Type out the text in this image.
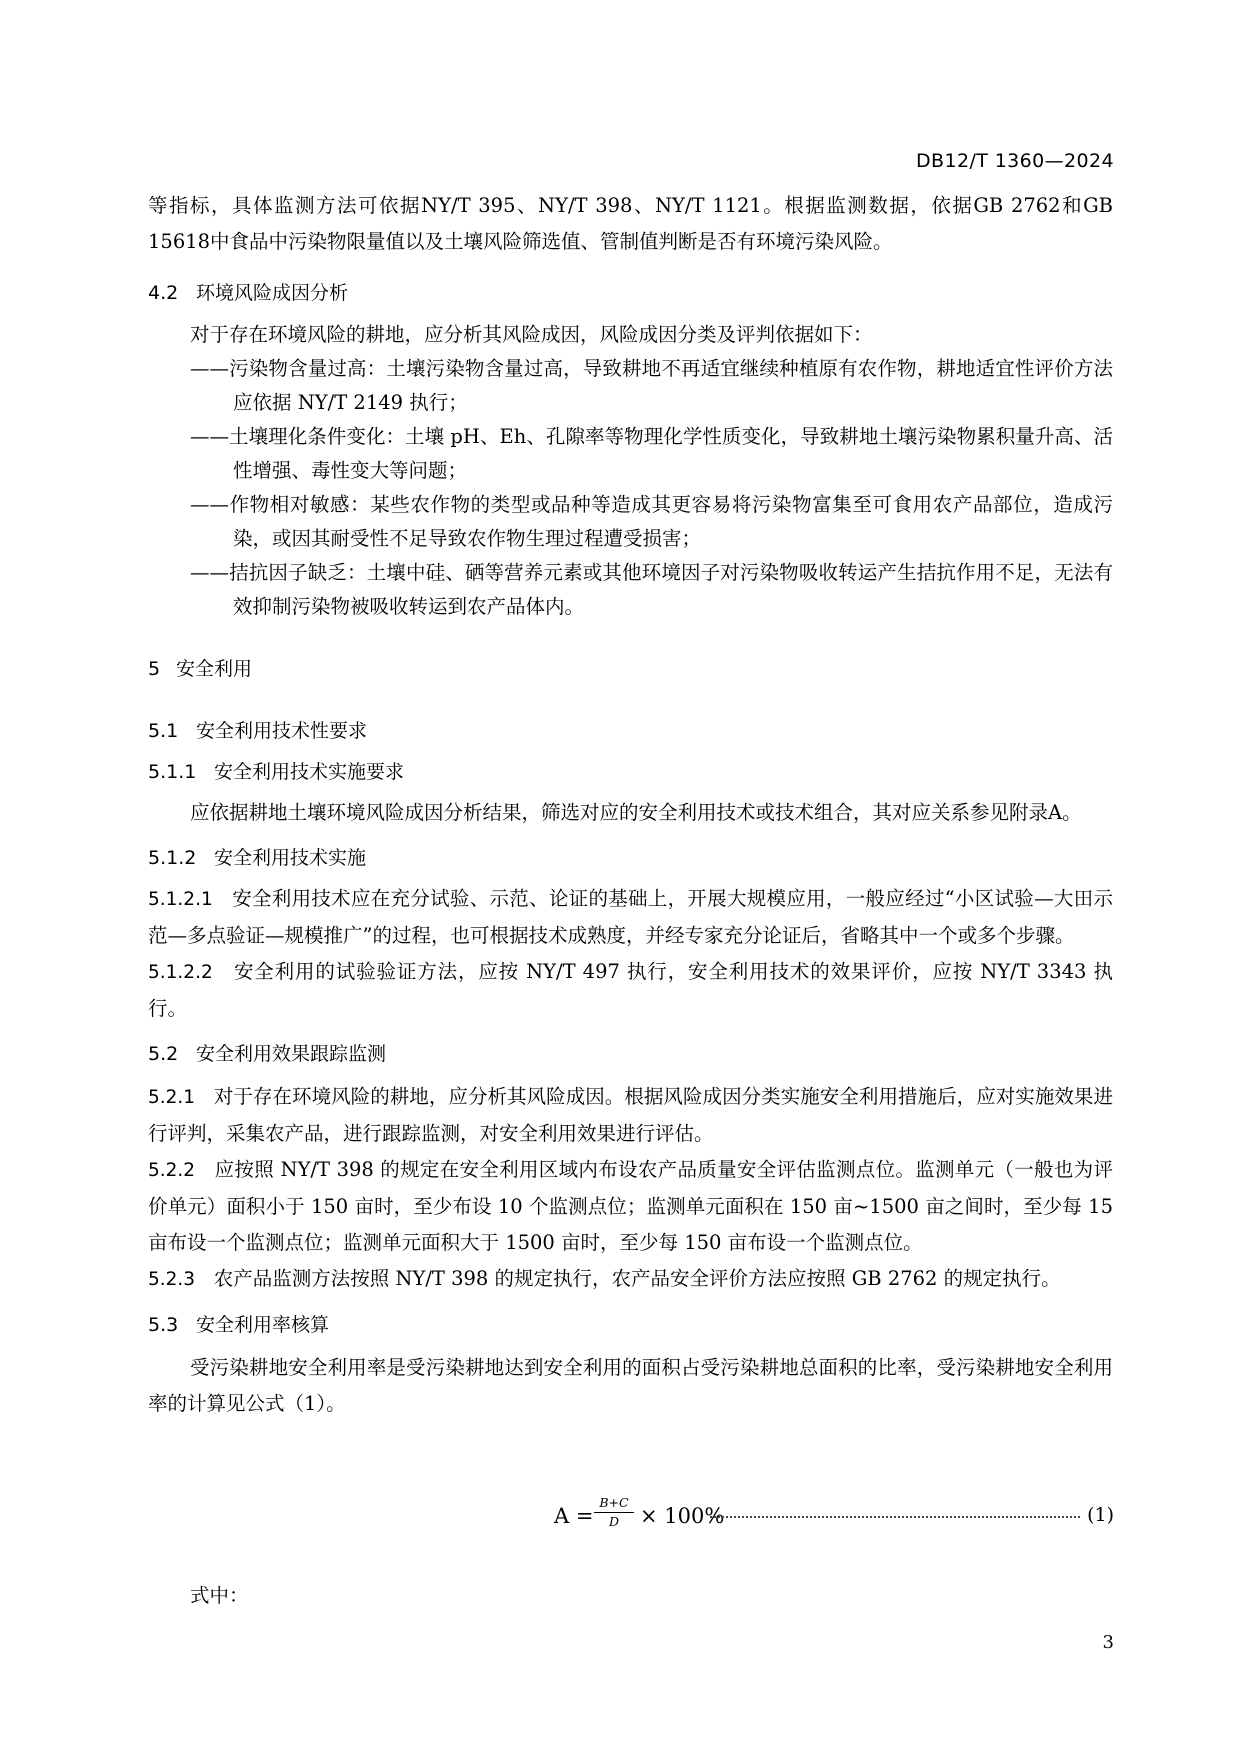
DB12/T 1360—2024

等指标，具体监测方法可依据NY/T 395、NY/T 398、NY/T 1121。根据监测数据，依据GB 2762和GB 15618中食品中污染物限量值以及土壤风险筛选值、管制值判断是否有环境污染风险。

4.2 环境风险成因分析

对于存在环境风险的耕地，应分析其风险成因，风险成因分类及评判依据如下：

——污染物含量过高：土壤污染物含量过高，导致耕地不再适宜继续种植原有农作物，耕地适宜性评价方法应依据 NY/T 2149 执行；

——土壤理化条件变化：土壤 pH、Eh、孔隙率等物理化学性质变化，导致耕地土壤污染物累积量升高、活性增强、毒性变大等问题；

——作物相对敏感：某些农作物的类型或品种等造成其更容易将污染物富集至可食用农产品部位，造成污染，或因其耐受性不足导致农作物生理过程遭受损害；

——拮抗因子缺乏：土壤中硅、硒等营养元素或其他环境因子对污染物吸收转运产生拮抗作用不足，无法有效抑制污染物被吸收转运到农产品体内。

5 安全利用
5.1 安全利用技术性要求
5.1.1 安全利用技术实施要求

应依据耕地土壤环境风险成因分析结果，筛选对应的安全利用技术或技术组合，其对应关系参见附录A。

5.1.2 安全利用技术实施

5.1.2.1 安全利用技术应在充分试验、示范、论证的基础上，开展大规模应用，一般应经过“小区试验—大田示范—多点验证—规模推广”的过程，也可根据技术成熟度，并经专家充分论证后，省略其中一个或多个步骤。

5.1.2.2 安全利用的试验验证方法，应按 NY/T 497 执行，安全利用技术的效果评价，应按 NY/T 3343 执行。

5.2 安全利用效果跟踪监测

5.2.1 对于存在环境风险的耕地，应分析其风险成因。根据风险成因分类实施安全利用措施后，应对实施效果进行评判，采集农产品，进行跟踪监测，对安全利用效果进行评估。

5.2.2 应按照 NY/T 398 的规定在安全利用区域内布设农产品质量安全评估监测点位。监测单元（一般也为评价单元）面积小于 150 亩时，至少布设 10 个监测点位；监测单元面积在 150 亩~1500 亩之间时，至少每 15 亩布设一个监测点位；监测单元面积大于 1500 亩时，至少每 150 亩布设一个监测点位。

5.2.3 农产品监测方法按照 NY/T 398 的规定执行，农产品安全评价方法应按照 GB 2762 的规定执行。

5.3 安全利用率核算

受污染耕地安全利用率是受污染耕地达到安全利用的面积占受污染耕地总面积的比率，受污染耕地安全利用率的计算见公式（1）。

A =
B+C
D × 100%	(1)
式中：
3
